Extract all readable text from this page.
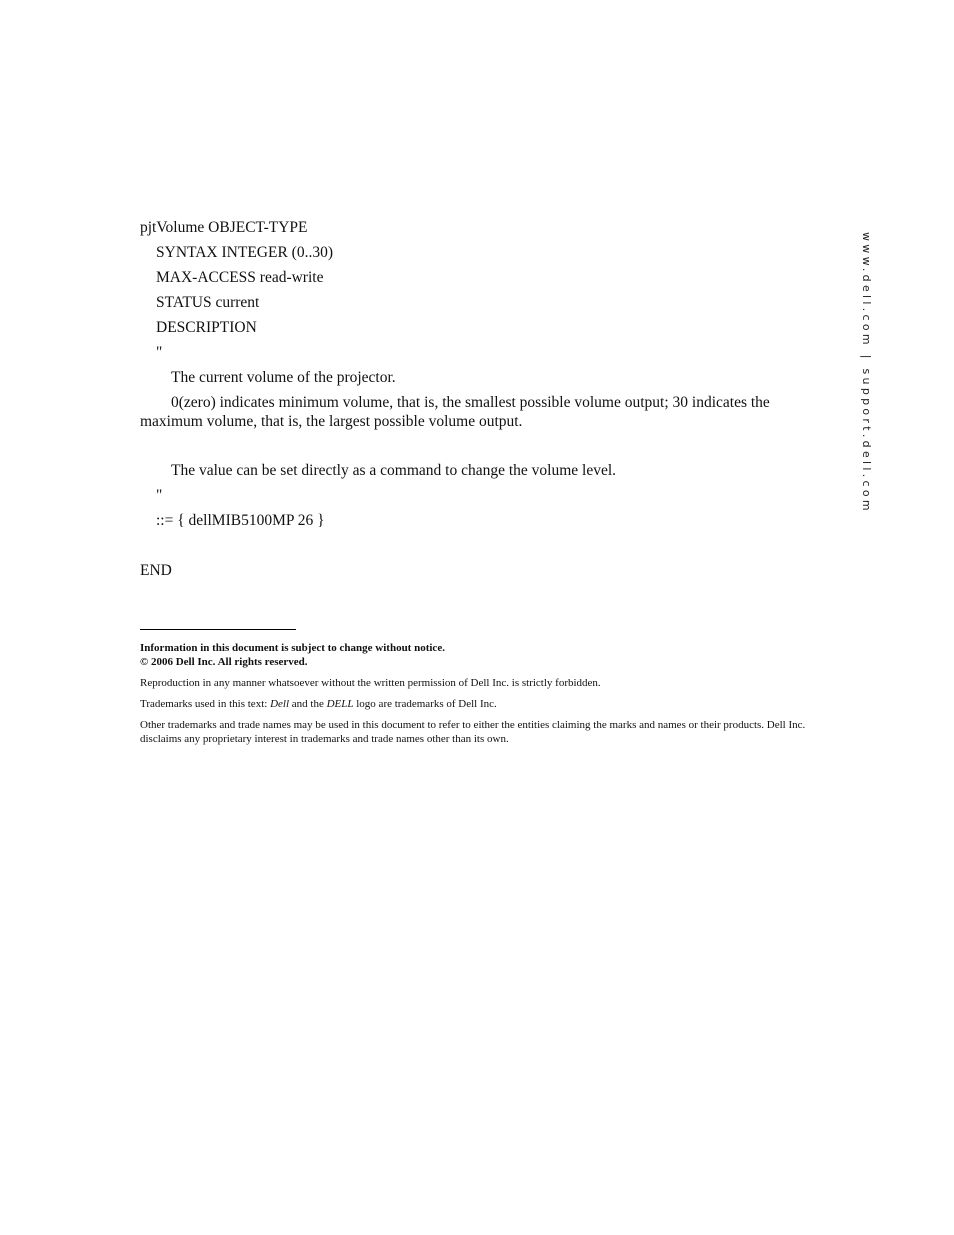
pjtVolume OBJECT-TYPE
SYNTAX INTEGER (0..30)
MAX-ACCESS read-write
STATUS current
DESCRIPTION
"
The current volume of the projector.
0(zero) indicates minimum volume, that is, the smallest possible volume output; 30 indicates the maximum volume, that is, the largest possible volume output.
The value can be set directly as a command to change the volume level.
"
::= { dellMIB5100MP 26 }
END
www.dell.com | support.dell.com

Information in this document is subject to change without notice.

© 2006 Dell Inc. All rights reserved.

Reproduction in any manner whatsoever without the written permission of Dell Inc. is strictly forbidden.

Trademarks used in this text: Dell and the DELL logo are trademarks of Dell Inc.

Other trademarks and trade names may be used in this document to refer to either the entities claiming the marks and names or their products. Dell Inc. disclaims any proprietary interest in trademarks and trade names other than its own.
